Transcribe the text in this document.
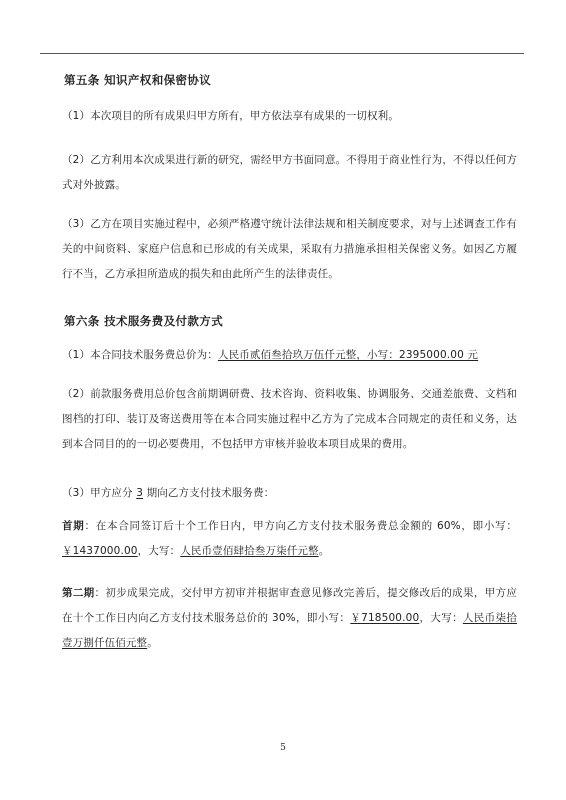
第五条 知识产权和保密协议
（1）本次项目的所有成果归甲方所有，甲方依法享有成果的一切权利。
（2）乙方利用本次成果进行新的研究，需经甲方书面同意。不得用于商业性行为，不得以任何方式对外披露。
（3）乙方在项目实施过程中，必须严格遵守统计法律法规和相关制度要求，对与上述调查工作有关的中间资料、家庭户信息和已形成的有关成果，采取有力措施承担相关保密义务。如因乙方履行不当，乙方承担所造成的损失和由此所产生的法律责任。
第六条 技术服务费及付款方式
（1）本合同技术服务费总价为：人民币贰佰叁拾玖万伍仟元整，小写：2395000.00 元
（2）前款服务费用总价包含前期调研费、技术咨询、资料收集、协调服务、交通差旅费、文档和图档的打印、装订及寄送费用等在本合同实施过程中乙方为了完成本合同规定的责任和义务，达到本合同目的的一切必要费用，不包括甲方审核并验收本项目成果的费用。
（3）甲方应分 3 期向乙方支付技术服务费：
首期：在本合同签订后十个工作日内，甲方向乙方支付技术服务费总金额的 60%，即小写：￥1437000.00，大写：人民币壹佰肆拾叁万柒仟元整。
第二期：初步成果完成，交付甲方初审并根据审查意见修改完善后，提交修改后的成果，甲方应在十个工作日内向乙方支付技术服务总价的 30%，即小写：￥718500.00，大写：人民币柒拾壹万捌仟伍佰元整。
5
